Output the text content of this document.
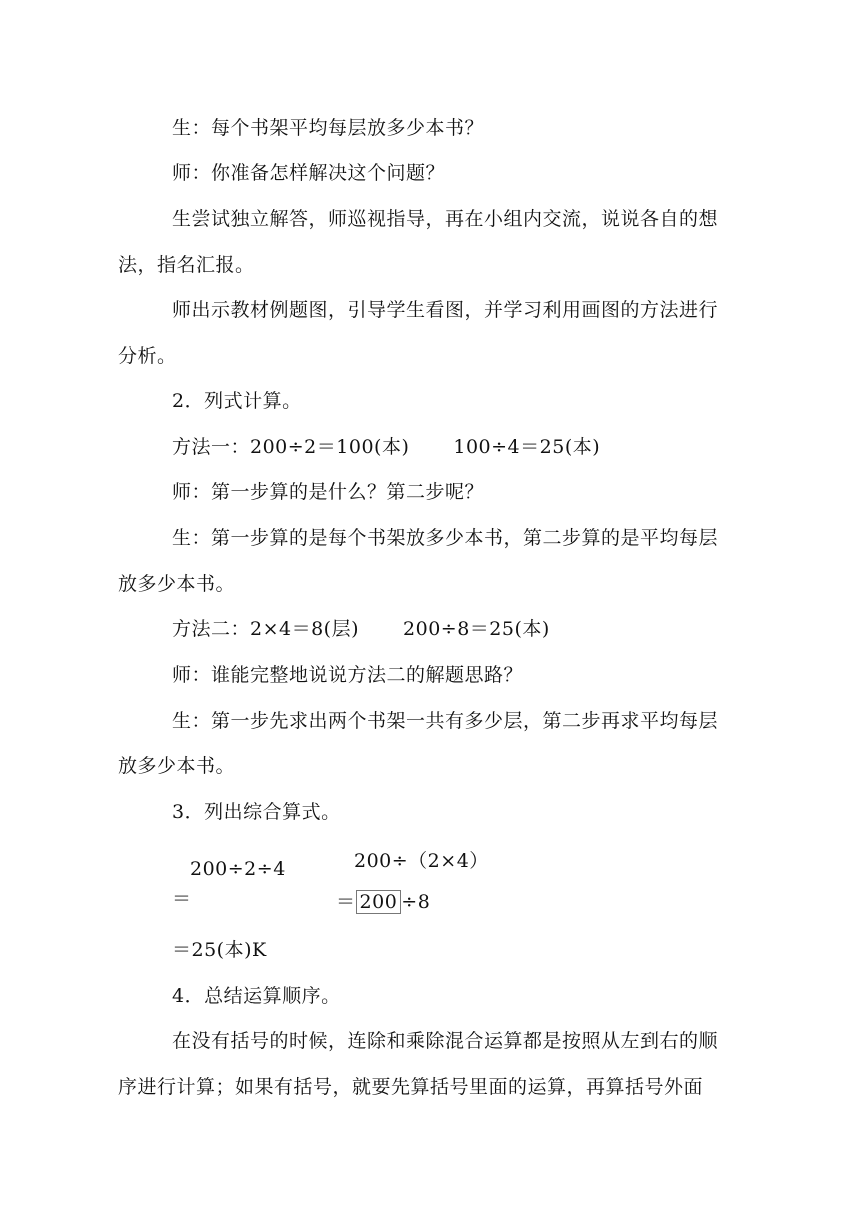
生：每个书架平均每层放多少本书？
师：你准备怎样解决这个问题？
生尝试独立解答，师巡视指导，再在小组内交流，说说各自的想
法，指名汇报。
师出示教材例题图，引导学生看图，并学习利用画图的方法进行
分析。
2．列式计算。
方法一：200÷2＝100(本) 100÷4＝25(本)
师：第一步算的是什么？第二步呢？
生：第一步算的是每个书架放多少本书，第二步算的是平均每层
放多少本书。
方法二：2×4＝8(层) 200÷8＝25(本)
师：谁能完整地说说方法二的解题思路？
生：第一步先求出两个书架一共有多少层，第二步再求平均每层
放多少本书。
3．列出综合算式。
200÷2÷4
＝
200÷（2×4）
＝ 200 ÷8
＝25(本)K
4．总结运算顺序。
在没有括号的时候，连除和乘除混合运算都是按照从左到右的顺
序进行计算；如果有括号，就要先算括号里面的运算，再算括号外面
